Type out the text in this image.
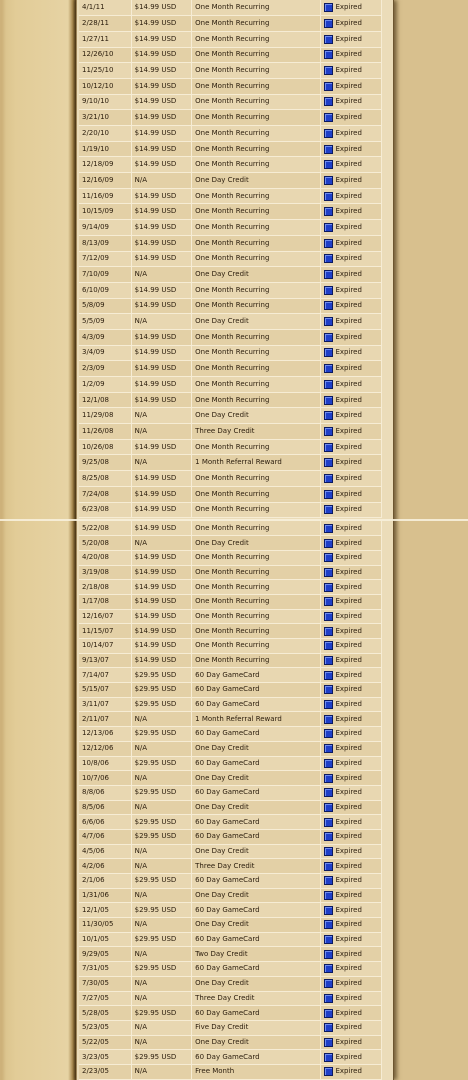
4/1/11	$14.99 USD	One Month Recurring	Expired
2/28/11	$14.99 USD	One Month Recurring	Expired
1/27/11	$14.99 USD	One Month Recurring	Expired
12/26/10	$14.99 USD	One Month Recurring	Expired
11/25/10	$14.99 USD	One Month Recurring	Expired
10/12/10	$14.99 USD	One Month Recurring	Expired
9/10/10	$14.99 USD	One Month Recurring	Expired
3/21/10	$14.99 USD	One Month Recurring	Expired
2/20/10	$14.99 USD	One Month Recurring	Expired
1/19/10	$14.99 USD	One Month Recurring	Expired
12/18/09	$14.99 USD	One Month Recurring	Expired
12/16/09	N/A	One Day Credit	Expired
11/16/09	$14.99 USD	One Month Recurring	Expired
10/15/09	$14.99 USD	One Month Recurring	Expired
9/14/09	$14.99 USD	One Month Recurring	Expired
8/13/09	$14.99 USD	One Month Recurring	Expired
7/12/09	$14.99 USD	One Month Recurring	Expired
7/10/09	N/A	One Day Credit	Expired
6/10/09	$14.99 USD	One Month Recurring	Expired
5/8/09	$14.99 USD	One Month Recurring	Expired
5/5/09	N/A	One Day Credit	Expired
4/3/09	$14.99 USD	One Month Recurring	Expired
3/4/09	$14.99 USD	One Month Recurring	Expired
2/3/09	$14.99 USD	One Month Recurring	Expired
1/2/09	$14.99 USD	One Month Recurring	Expired
12/1/08	$14.99 USD	One Month Recurring	Expired
11/29/08	N/A	One Day Credit	Expired
11/26/08	N/A	Three Day Credit	Expired
10/26/08	$14.99 USD	One Month Recurring	Expired
9/25/08	N/A	1 Month Referral Reward	Expired
8/25/08	$14.99 USD	One Month Recurring	Expired
7/24/08	$14.99 USD	One Month Recurring	Expired
6/23/08	$14.99 USD	One Month Recurring	Expired
5/22/08	$14.99 USD	One Month Recurring	Expired
5/20/08	N/A	One Day Credit	Expired
4/20/08	$14.99 USD	One Month Recurring	Expired
3/19/08	$14.99 USD	One Month Recurring	Expired
2/18/08	$14.99 USD	One Month Recurring	Expired
1/17/08	$14.99 USD	One Month Recurring	Expired
12/16/07	$14.99 USD	One Month Recurring	Expired
11/15/07	$14.99 USD	One Month Recurring	Expired
10/14/07	$14.99 USD	One Month Recurring	Expired
9/13/07	$14.99 USD	One Month Recurring	Expired
7/14/07	$29.95 USD	60 Day GameCard	Expired
5/15/07	$29.95 USD	60 Day GameCard	Expired
3/11/07	$29.95 USD	60 Day GameCard	Expired
2/11/07	N/A	1 Month Referral Reward	Expired
12/13/06	$29.95 USD	60 Day GameCard	Expired
12/12/06	N/A	One Day Credit	Expired
10/8/06	$29.95 USD	60 Day GameCard	Expired
10/7/06	N/A	One Day Credit	Expired
8/8/06	$29.95 USD	60 Day GameCard	Expired
8/5/06	N/A	One Day Credit	Expired
6/6/06	$29.95 USD	60 Day GameCard	Expired
4/7/06	$29.95 USD	60 Day GameCard	Expired
4/5/06	N/A	One Day Credit	Expired
4/2/06	N/A	Three Day Credit	Expired
2/1/06	$29.95 USD	60 Day GameCard	Expired
1/31/06	N/A	One Day Credit	Expired
12/1/05	$29.95 USD	60 Day GameCard	Expired
11/30/05	N/A	One Day Credit	Expired
10/1/05	$29.95 USD	60 Day GameCard	Expired
9/29/05	N/A	Two Day Credit	Expired
7/31/05	$29.95 USD	60 Day GameCard	Expired
7/30/05	N/A	One Day Credit	Expired
7/27/05	N/A	Three Day Credit	Expired
5/28/05	$29.95 USD	60 Day GameCard	Expired
5/23/05	N/A	Five Day Credit	Expired
5/22/05	N/A	One Day Credit	Expired
3/23/05	$29.95 USD	60 Day GameCard	Expired
2/23/05	N/A	Free Month	Expired
